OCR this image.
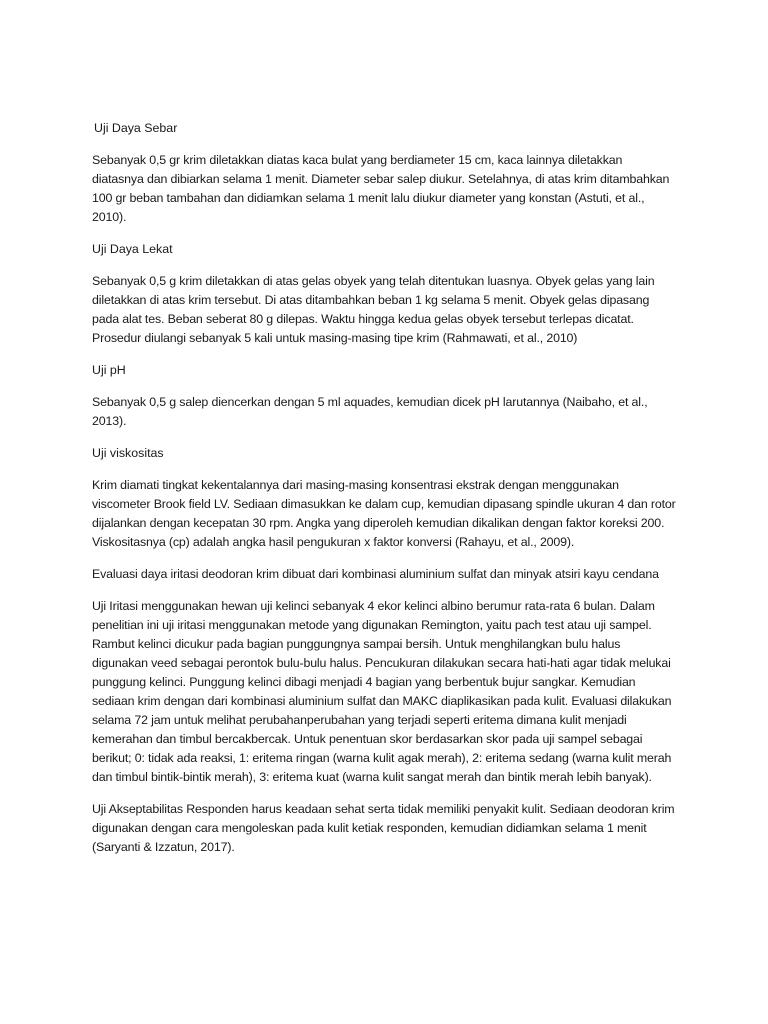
Uji Daya Sebar

Sebanyak 0,5 gr krim diletakkan diatas kaca bulat yang berdiameter 15 cm, kaca lainnya diletakkan diatasnya dan dibiarkan selama 1 menit. Diameter sebar salep diukur. Setelahnya, di atas krim ditambahkan 100 gr beban tambahan dan didiamkan selama 1 menit lalu diukur diameter yang konstan (Astuti, et al., 2010).

Uji Daya Lekat

Sebanyak 0,5 g krim diletakkan di atas gelas obyek yang telah ditentukan luasnya. Obyek gelas yang lain diletakkan di atas krim tersebut. Di atas ditambahkan beban 1 kg selama 5 menit. Obyek gelas dipasang pada alat tes. Beban seberat 80 g dilepas. Waktu hingga kedua gelas obyek tersebut terlepas dicatat. Prosedur diulangi sebanyak 5 kali untuk masing-masing tipe krim (Rahmawati, et al., 2010)

Uji pH

Sebanyak 0,5 g salep diencerkan dengan 5 ml aquades, kemudian dicek pH larutannya (Naibaho, et al., 2013).

Uji viskositas

Krim diamati tingkat kekentalannya dari masing-masing konsentrasi ekstrak dengan menggunakan viscometer Brook field LV. Sediaan dimasukkan ke dalam cup, kemudian dipasang spindle ukuran 4 dan rotor dijalankan dengan kecepatan 30 rpm. Angka yang diperoleh kemudian dikalikan dengan faktor koreksi 200. Viskositasnya (cp) adalah angka hasil pengukuran x faktor konversi (Rahayu, et al., 2009).

Evaluasi daya iritasi deodoran krim dibuat dari kombinasi aluminium sulfat dan minyak atsiri kayu cendana

Uji Iritasi menggunakan hewan uji kelinci sebanyak 4 ekor kelinci albino berumur rata-rata 6 bulan. Dalam penelitian ini uji iritasi menggunakan metode yang digunakan Remington, yaitu pach test atau uji sampel. Rambut kelinci dicukur pada bagian punggungnya sampai bersih. Untuk menghilangkan bulu halus digunakan veed sebagai perontok bulu-bulu halus. Pencukuran dilakukan secara hati-hati agar tidak melukai punggung kelinci. Punggung kelinci dibagi menjadi 4 bagian yang berbentuk bujur sangkar. Kemudian sediaan krim dengan dari kombinasi aluminium sulfat dan MAKC diaplikasikan pada kulit. Evaluasi dilakukan selama 72 jam untuk melihat perubahanperubahan yang terjadi seperti eritema dimana kulit menjadi kemerahan dan timbul bercakbercak. Untuk penentuan skor berdasarkan skor pada uji sampel sebagai berikut; 0: tidak ada reaksi, 1: eritema ringan (warna kulit agak merah), 2: eritema sedang (warna kulit merah dan timbul bintik-bintik merah), 3: eritema kuat (warna kulit sangat merah dan bintik merah lebih banyak).

Uji Akseptabilitas Responden harus keadaan sehat serta tidak memiliki penyakit kulit. Sediaan deodoran krim digunakan dengan cara mengoleskan pada kulit ketiak responden, kemudian didiamkan selama 1 menit (Saryanti & Izzatun, 2017).
